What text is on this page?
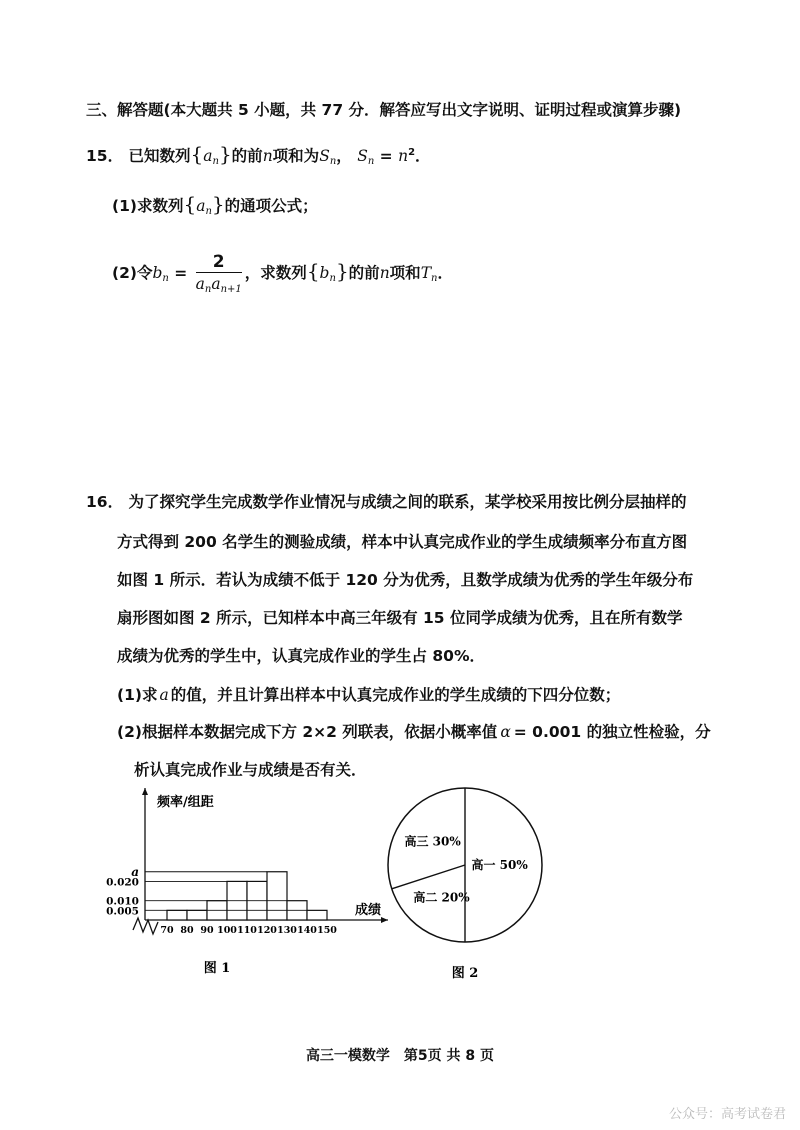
三、解答题(本大题共 5 小题，共 77 分．解答应写出文字说明、证明过程或演算步骤)
15． 已知数列$\{a_n\}$的前n项和为$S_n$， $S_n = n^2$．
(1)求数列$\{a_n\}$的通项公式；
(2)令$b_n$ =
2
$a_na_{n+1}$
，求数列$\{b_n\}$的前n项和$T_n$．
16． 为了探究学生完成数学作业情况与成绩之间的联系，某学校采用按比例分层抽样的
方式得到 200 名学生的测验成绩，样本中认真完成作业的学生成绩频率分布直方图
如图 1 所示．若认为成绩不低于 120 分为优秀，且数学成绩为优秀的学生年级分布
扇形图如图 2 所示，已知样本中高三年级有 15 位同学成绩为优秀，且在所有数学
成绩为优秀的学生中，认真完成作业的学生占 80%．
(1)求 a 的值，并且计算出样本中认真完成作业的学生成绩的下四分位数；
(2)根据样本数据完成下方 2×2 列联表，依据小概率值 α = 0.001 的独立性检验，分
析认真完成作业与成绩是否有关．
频率/组距
成绩
0.005
0.010
0.020
a
70 80 90 100 110 120 130 140 150
图 1
高一 50%
高二 20%
高三 30%
图 2
高三一模数学　第5页 共 8 页
公众号：高考试卷君
